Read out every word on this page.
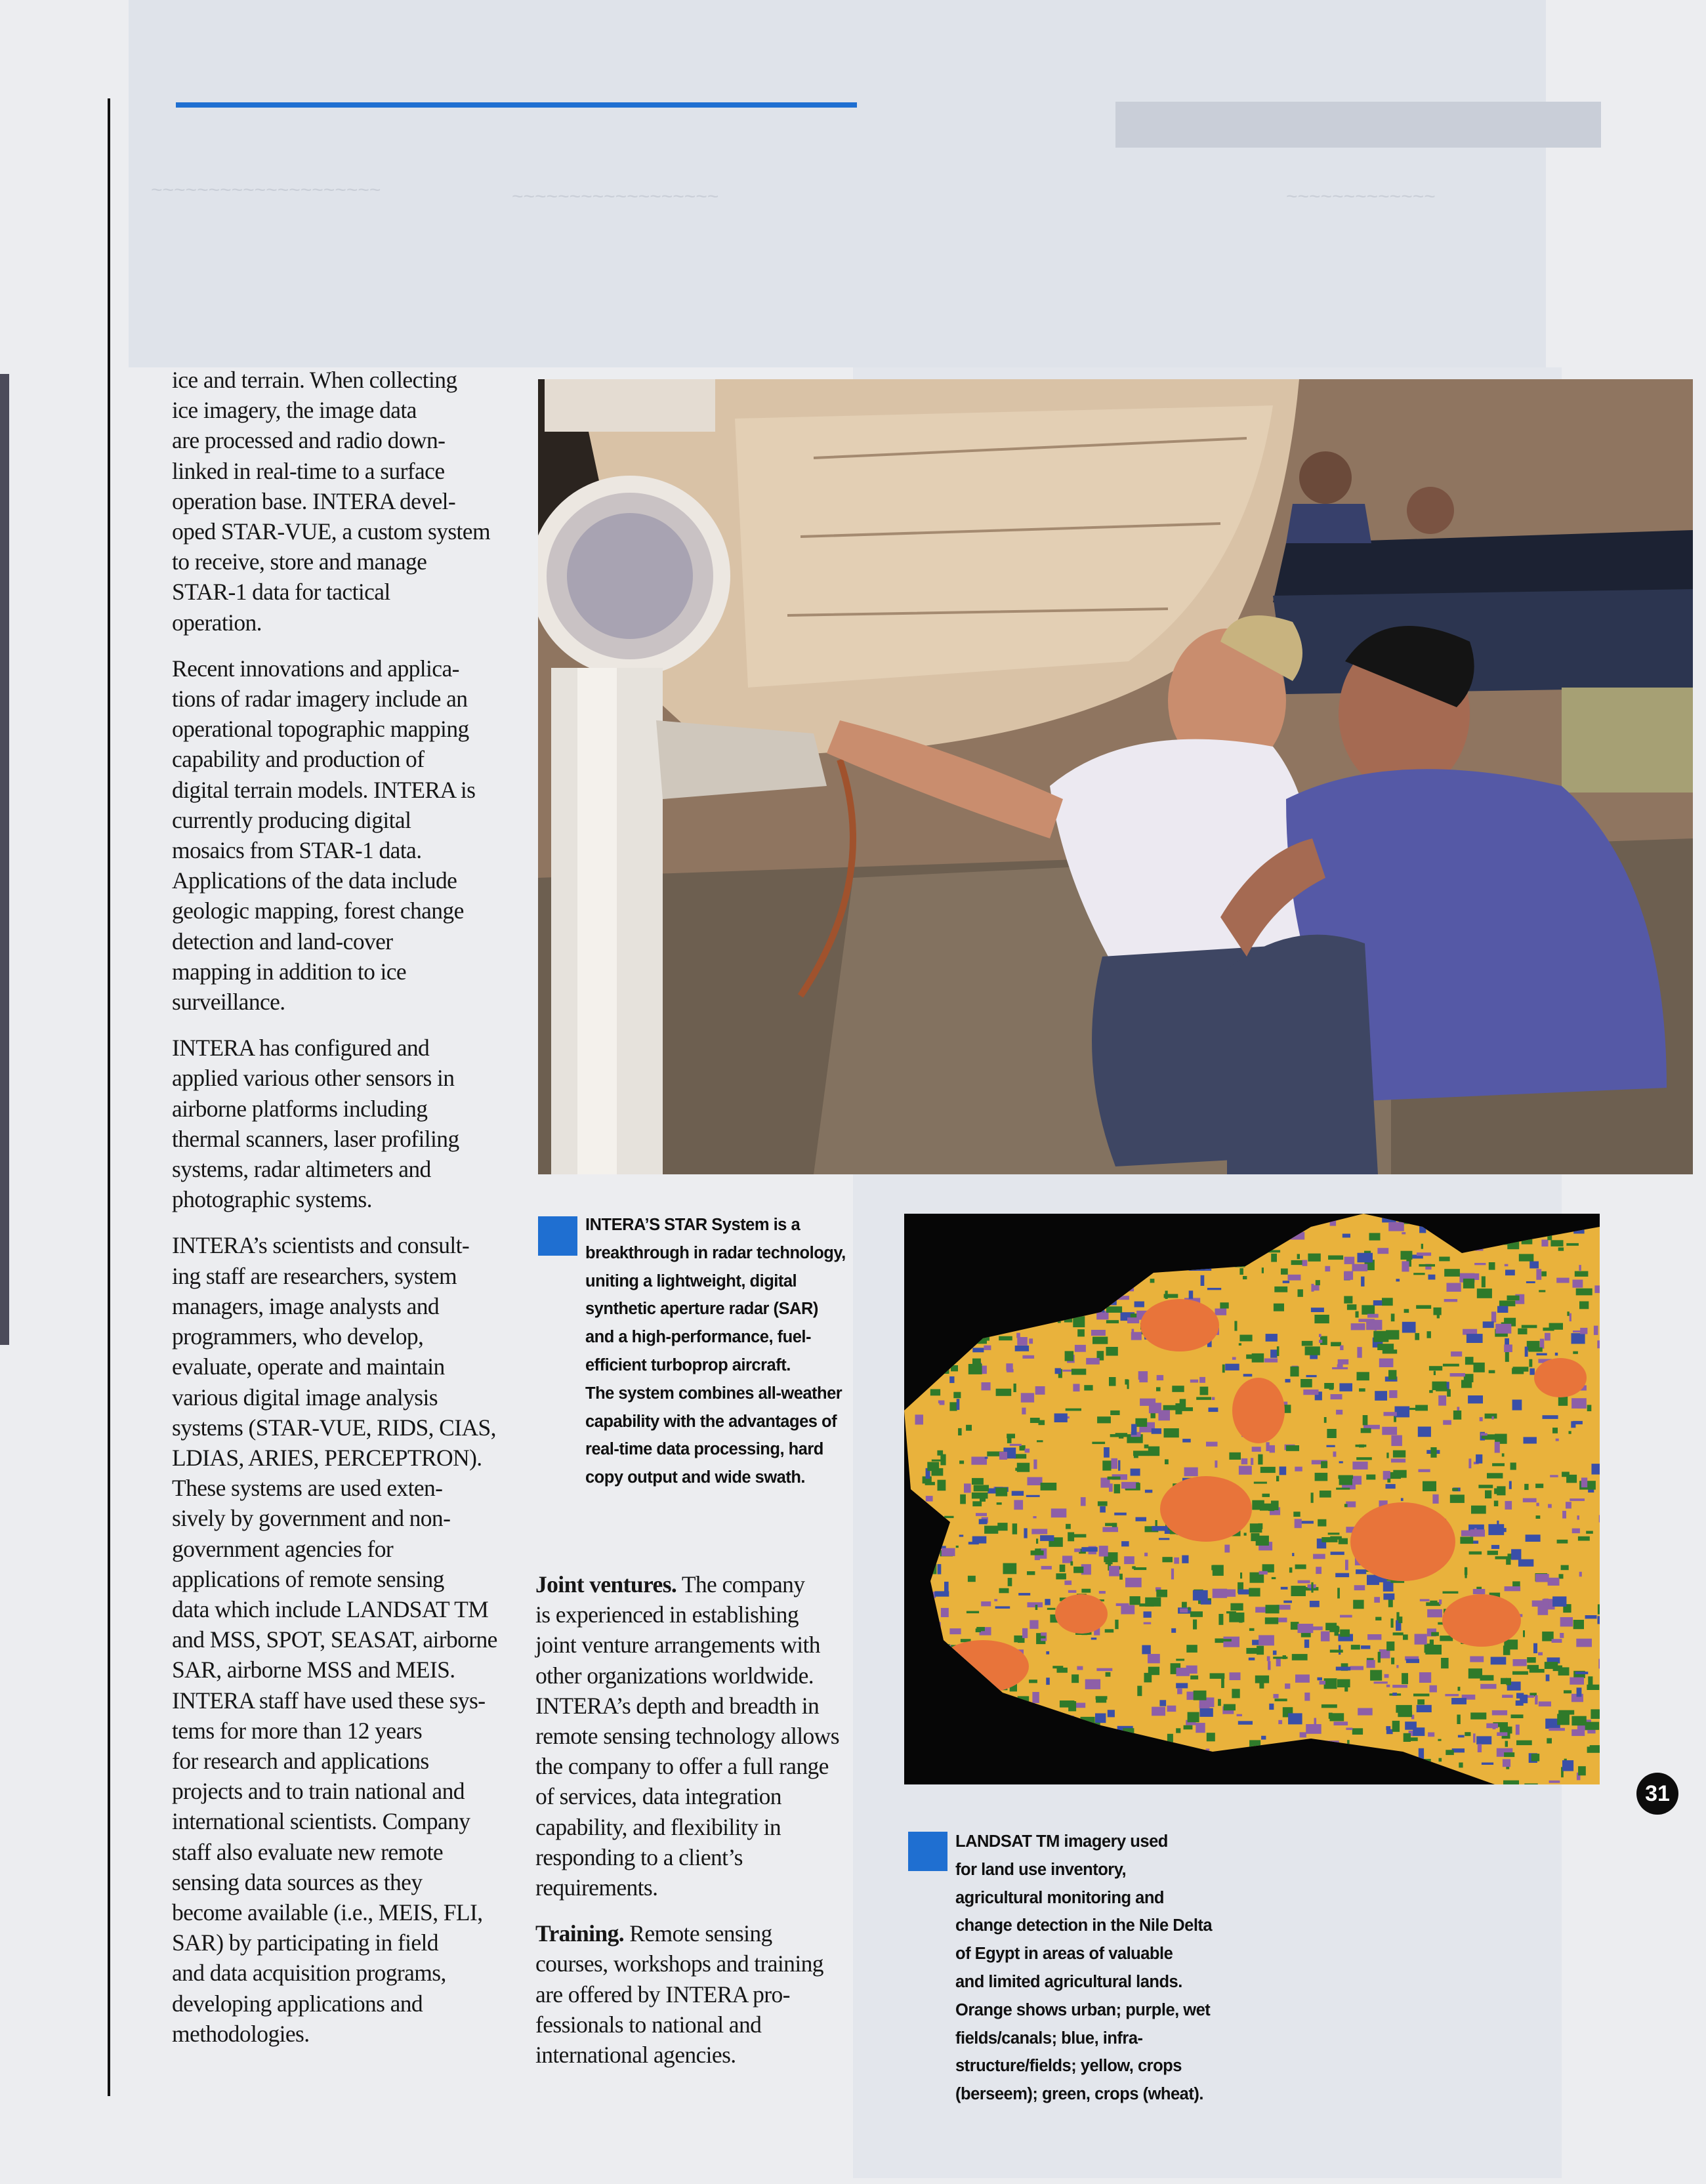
~~~~~~~~~~~~~~~~~~~~	~~~~~~~~~~~~~~~~~~	~~~~~~~~~~~~~

ice and terrain. When collecting
ice imagery, the image data
are processed and radio down-
linked in real-time to a surface
operation base. INTERA devel-
oped STAR-VUE, a custom system
to receive, store and manage
STAR-1 data for tactical
operation.

Recent innovations and applica-
tions of radar imagery include an
operational topographic mapping
capability and production of
digital terrain models. INTERA is
currently producing digital
mosaics from STAR-1 data.
Applications of the data include
geologic mapping, forest change
detection and land-cover
mapping in addition to ice
surveillance.

INTERA has configured and
applied various other sensors in
airborne platforms including
thermal scanners, laser profiling
systems, radar altimeters and
photographic systems.

INTERA’s scientists and consult-
ing staff are researchers, system
managers, image analysts and
programmers, who develop,
evaluate, operate and maintain
various digital image analysis
systems (STAR-VUE, RIDS, CIAS,
LDIAS, ARIES, PERCEPTRON).
These systems are used exten-
sively by government and non-
government agencies for
applications of remote sensing
data which include LANDSAT TM
and MSS, SPOT, SEASAT, airborne
SAR, airborne MSS and MEIS.
INTERA staff have used these sys-
tems for more than 12 years
for research and applications
projects and to train national and
international scientists. Company
staff also evaluate new remote
sensing data sources as they
become available (i.e., MEIS, FLI,
SAR) by participating in field
and data acquisition programs,
developing applications and
methodologies.

INTERA’S STAR System is a
breakthrough in radar technology,
uniting a lightweight, digital
synthetic aperture radar (SAR)
and a high-performance, fuel-
efficient turboprop aircraft.
The system combines all-weather
capability with the advantages of
real-time data processing, hard
copy output and wide swath.

Joint ventures. The company
is experienced in establishing
joint venture arrangements with
other organizations worldwide.
INTERA’s depth and breadth in
remote sensing technology allows
the company to offer a full range
of services, data integration
capability, and flexibility in
responding to a client’s
requirements.

Training. Remote sensing
courses, workshops and training
are offered by INTERA pro-
fessionals to national and
international agencies.

LANDSAT TM imagery used
for land use inventory,
agricultural monitoring and
change detection in the Nile Delta
of Egypt in areas of valuable
and limited agricultural lands.
Orange shows urban; purple, wet
fields/canals; blue, infra-
structure/fields; yellow, crops
(berseem); green, crops (wheat).
31
